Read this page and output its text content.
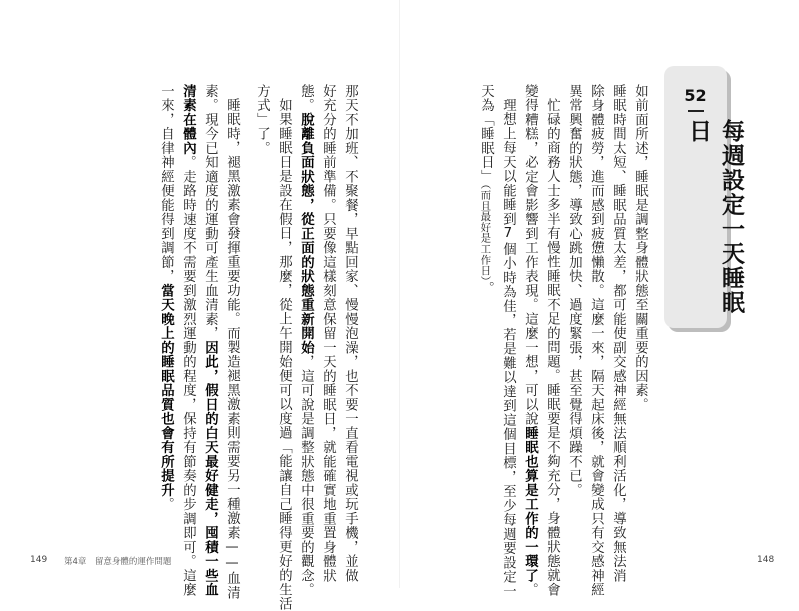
52
每週設定一天睡眠日
如前面所述，睡眠是調整身體狀態至關重要的因素。
睡眠時間太短、睡眠品質太差，都可能使副交感神經無法順利活化，導致無法消
除身體疲勞，進而感到疲憊懶散。這麼一來，隔天起床後，就會變成只有交感神經
異常興奮的狀態，導致心跳加快、過度緊張，甚至覺得煩躁不已。
忙碌的商務人士多半有慢性睡眠不足的問題。睡眠要是不夠充分，身體狀態就會
變得糟糕，必定會影響到工作表現。這麼一想，可以說睡眠也算是工作的一環了。
理想上每天以能睡到7個小時為佳，若是難以達到這個目標，至少每週要設定一
天為「睡眠日」（而且最好是工作日）。
那天不加班、不聚餐，早點回家、慢慢泡澡，也不要一直看電視或玩手機，並做
好充分的睡前準備。只要像這樣刻意保留一天的睡眠日，就能確實地重置身體狀
態。脫離負面狀態，從正面的狀態重新開始，這可說是調整狀態中很重要的觀念。
如果睡眠日是設在假日，那麼，從上午開始便可以度過「能讓自己睡得更好的生活
方式」了。
睡眠時，褪黑激素會發揮重要功能。而製造褪黑激素則需要另一種激素——血清
素。現今已知適度的運動可產生血清素，因此，假日的白天最好健走，囤積一些血
清素在體內。走路時速度不需要到激烈運動的程度，保持有節奏的步調即可。這麼
一來，自律神經便能得到調節，當天晚上的睡眠品質也會有所提升。
149 第4章　留意身體的運作問題	148
